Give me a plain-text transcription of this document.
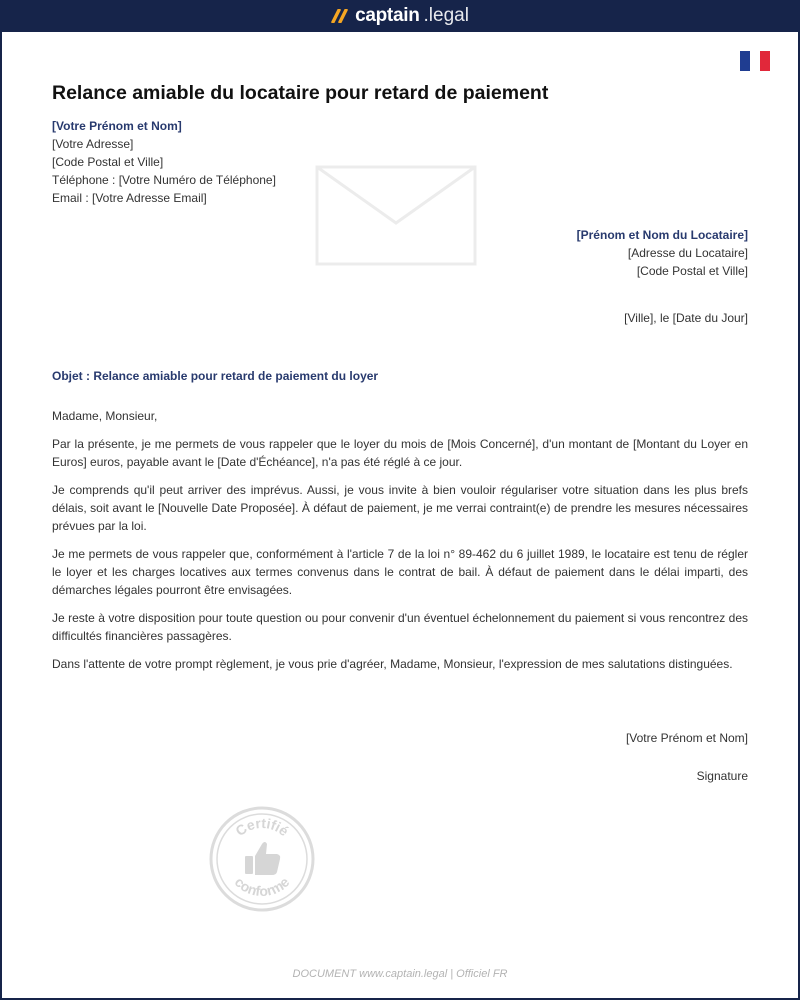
captain .legal
Relance amiable du locataire pour retard de paiement
[Votre Prénom et Nom]
[Votre Adresse]
[Code Postal et Ville]
Téléphone : [Votre Numéro de Téléphone]
Email : [Votre Adresse Email]
[Prénom et Nom du Locataire]
[Adresse du Locataire]
[Code Postal et Ville]
[Ville], le [Date du Jour]
Objet : Relance amiable pour retard de paiement du loyer

Madame, Monsieur,

Par la présente, je me permets de vous rappeler que le loyer du mois de [Mois Concerné], d'un montant de [Montant du Loyer en Euros] euros, payable avant le [Date d'Échéance], n'a pas été réglé à ce jour.

Je comprends qu'il peut arriver des imprévus. Aussi, je vous invite à bien vouloir régulariser votre situation dans les plus brefs délais, soit avant le [Nouvelle Date Proposée]. À défaut de paiement, je me verrai contraint(e) de prendre les mesures nécessaires prévues par la loi.

Je me permets de vous rappeler que, conformément à l'article 7 de la loi n° 89-462 du 6 juillet 1989, le locataire est tenu de régler le loyer et les charges locatives aux termes convenus dans le contrat de bail. À défaut de paiement dans le délai imparti, des démarches légales pourront être envisagées.

Je reste à votre disposition pour toute question ou pour convenir d'un éventuel échelonnement du paiement si vous rencontrez des difficultés financières passagères.

Dans l'attente de votre prompt règlement, je vous prie d'agréer, Madame, Monsieur, l'expression de mes salutations distinguées.

[Votre Prénom et Nom]
Signature
Certifié
conforme
DOCUMENT www.captain.legal | Officiel FR
